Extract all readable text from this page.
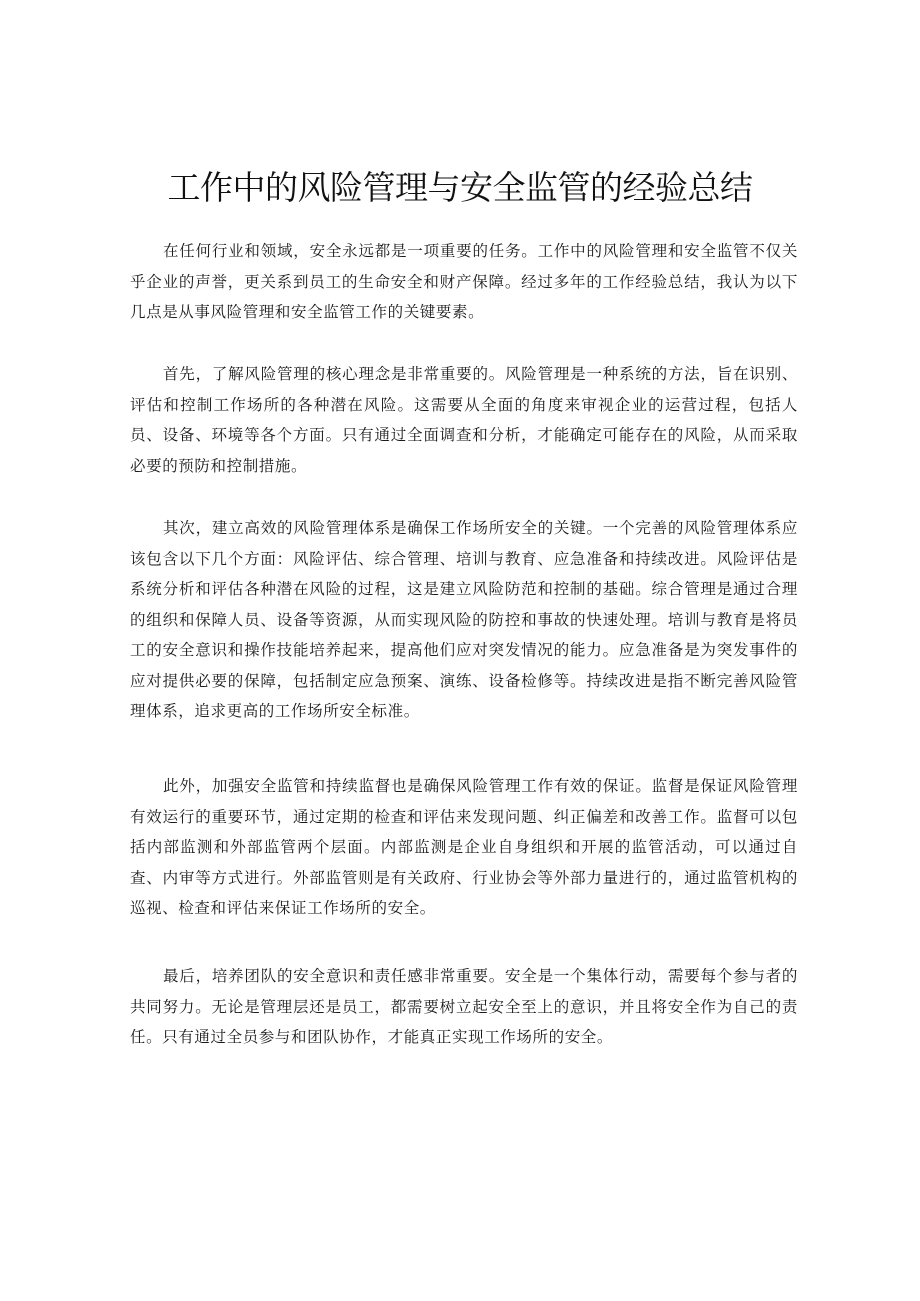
工作中的风险管理与安全监管的经验总结

在任何行业和领域，安全永远都是一项重要的任务。工作中的风险管理和安全监管不仅关乎企业的声誉，更关系到员工的生命安全和财产保障。经过多年的工作经验总结，我认为以下几点是从事风险管理和安全监管工作的关键要素。

首先，了解风险管理的核心理念是非常重要的。风险管理是一种系统的方法，旨在识别、评估和控制工作场所的各种潜在风险。这需要从全面的角度来审视企业的运营过程，包括人员、设备、环境等各个方面。只有通过全面调查和分析，才能确定可能存在的风险，从而采取必要的预防和控制措施。

其次，建立高效的风险管理体系是确保工作场所安全的关键。一个完善的风险管理体系应该包含以下几个方面：风险评估、综合管理、培训与教育、应急准备和持续改进。风险评估是系统分析和评估各种潜在风险的过程，这是建立风险防范和控制的基础。综合管理是通过合理的组织和保障人员、设备等资源，从而实现风险的防控和事故的快速处理。培训与教育是将员工的安全意识和操作技能培养起来，提高他们应对突发情况的能力。应急准备是为突发事件的应对提供必要的保障，包括制定应急预案、演练、设备检修等。持续改进是指不断完善风险管理体系，追求更高的工作场所安全标准。

此外，加强安全监管和持续监督也是确保风险管理工作有效的保证。监督是保证风险管理有效运行的重要环节，通过定期的检查和评估来发现问题、纠正偏差和改善工作。监督可以包括内部监测和外部监管两个层面。内部监测是企业自身组织和开展的监管活动，可以通过自查、内审等方式进行。外部监管则是有关政府、行业协会等外部力量进行的，通过监管机构的巡视、检查和评估来保证工作场所的安全。

最后，培养团队的安全意识和责任感非常重要。安全是一个集体行动，需要每个参与者的共同努力。无论是管理层还是员工，都需要树立起安全至上的意识，并且将安全作为自己的责任。只有通过全员参与和团队协作，才能真正实现工作场所的安全。
